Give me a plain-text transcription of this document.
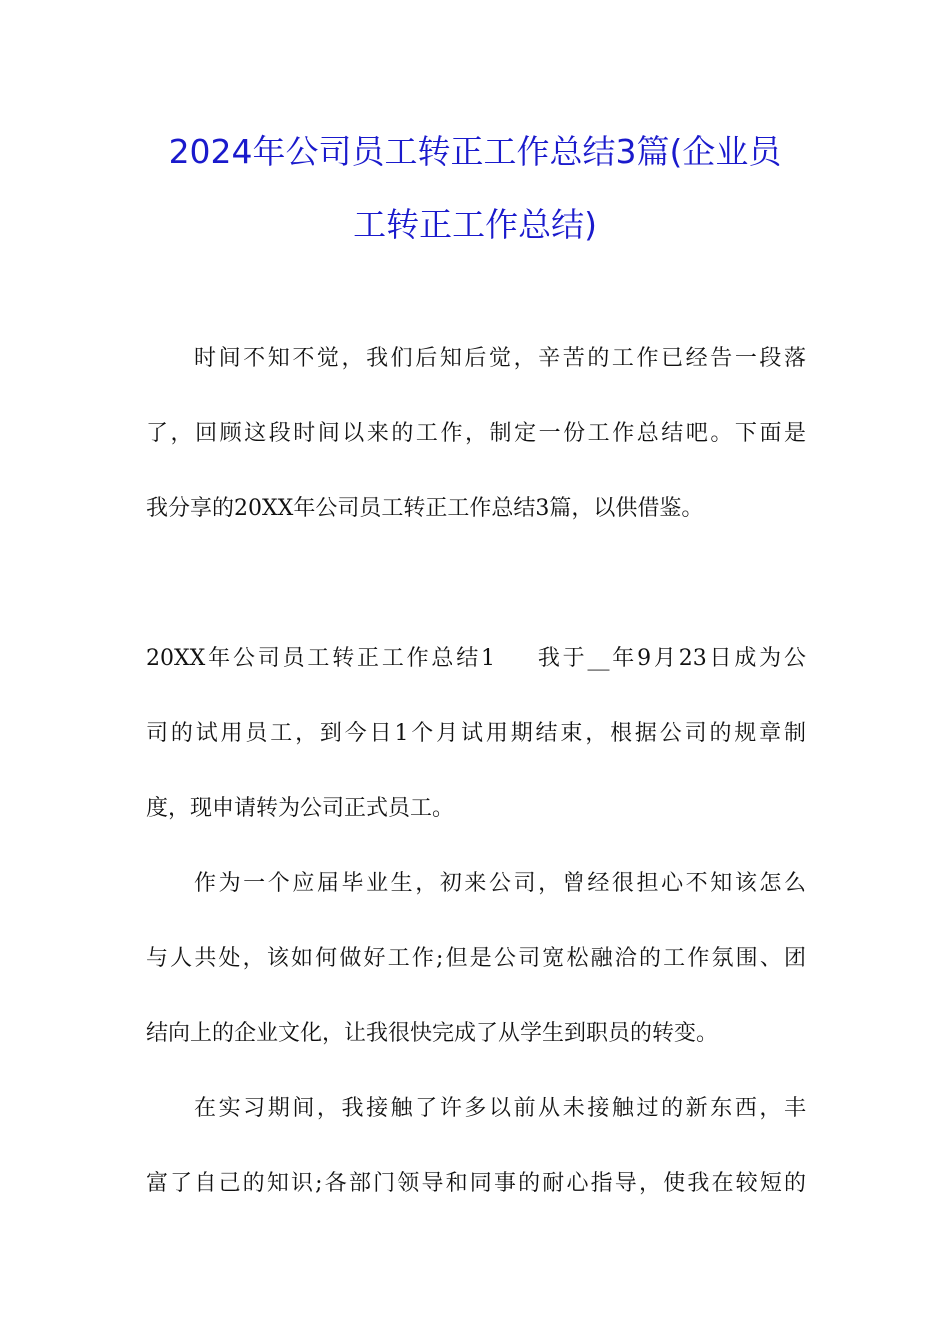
2024年公司员工转正工作总结3篇(企业员
工转正工作总结)
时间不知不觉，我们后知后觉，辛苦的工作已经告一段落
了，回顾这段时间以来的工作，制定一份工作总结吧。下面是
我分享的20XX年公司员工转正工作总结3篇，以供借鉴。
20XX年公司员工转正工作总结1 我于__年9月23日成为公
司的试用员工，到今日1个月试用期结束，根据公司的规章制
度，现申请转为公司正式员工。
作为一个应届毕业生，初来公司，曾经很担心不知该怎么
与人共处，该如何做好工作;但是公司宽松融洽的工作氛围、团
结向上的企业文化，让我很快完成了从学生到职员的转变。
在实习期间，我接触了许多以前从未接触过的新东西，丰
富了自己的知识;各部门领导和同事的耐心指导，使我在较短的
